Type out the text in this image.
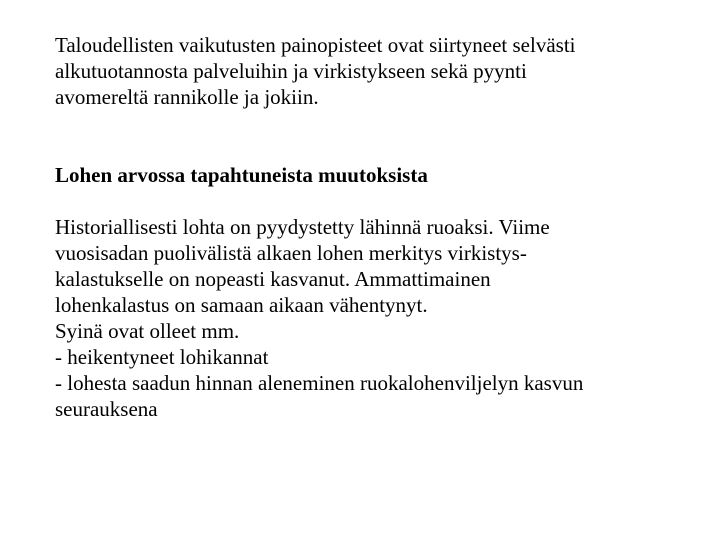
Taloudellisten vaikutusten painopisteet ovat siirtyneet selvästi
alkutuotannosta palveluihin ja virkistykseen sekä pyynti
avomereltä rannikolle ja jokiin.

Lohen arvossa tapahtuneista muutoksista

Historiallisesti lohta on pyydystetty lähinnä ruoaksi. Viime
vuosisadan puolivälistä alkaen lohen merkitys virkistys-
kalastukselle on nopeasti kasvanut. Ammattimainen
lohenkalastus on samaan aikaan vähentynyt.

Syinä ovat olleet mm.

- heikentyneet lohikannat

- lohesta saadun hinnan aleneminen ruokalohenviljelyn kasvun
seurauksena
